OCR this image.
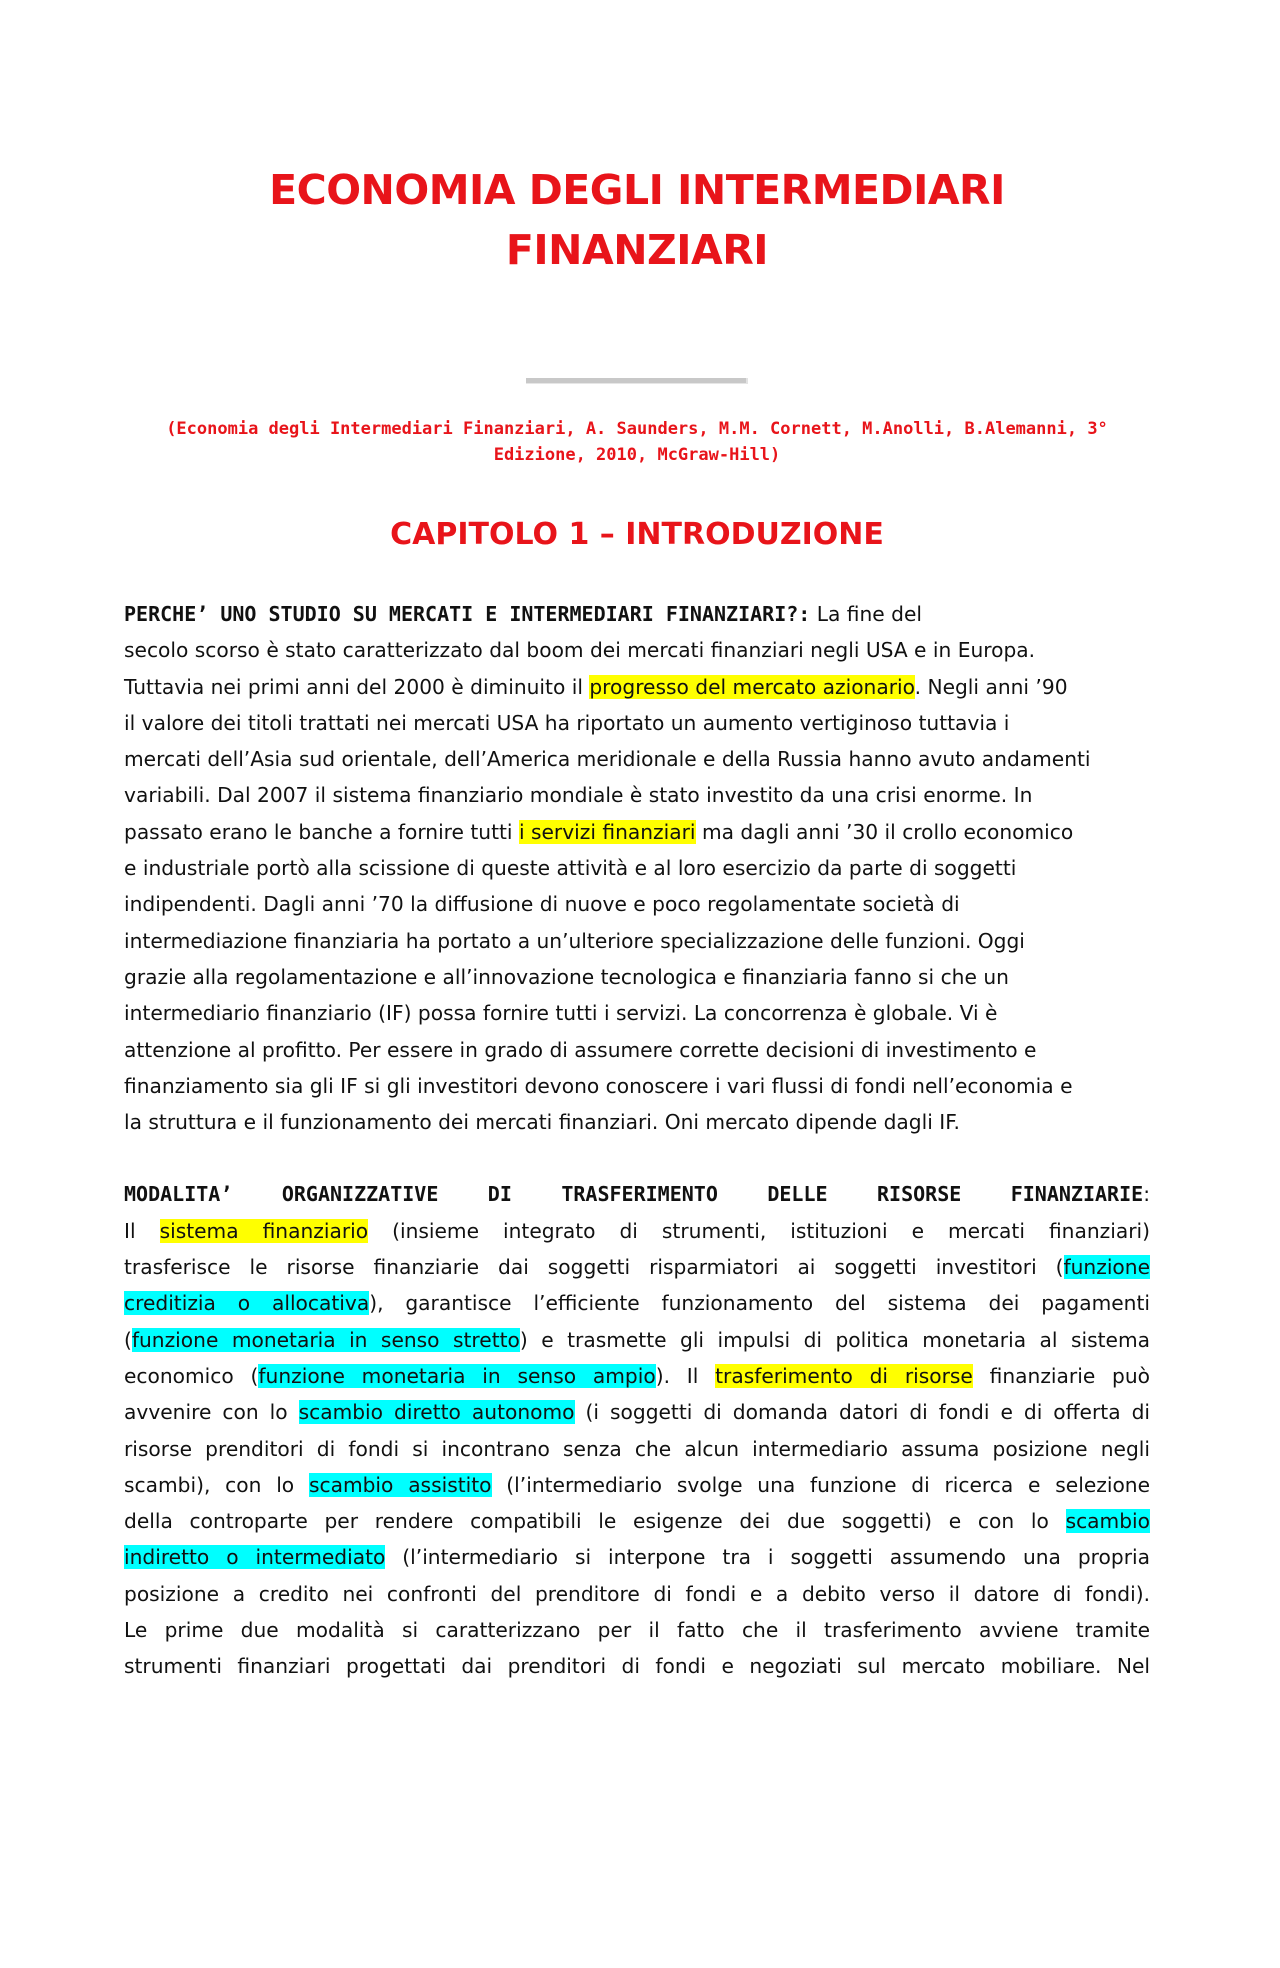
ECONOMIA DEGLI INTERMEDIARI
FINANZIARI
(Economia degli Intermediari Finanziari, A. Saunders, M.M. Cornett, M.Anolli, B.Alemanni, 3°
Edizione, 2010, McGraw-Hill)
CAPITOLO 1 – INTRODUZIONE
PERCHE’ UNO STUDIO SU MERCATI E INTERMEDIARI FINANZIARI?: La fine del
secolo scorso è stato caratterizzato dal boom dei mercati finanziari negli USA e in Europa.
Tuttavia nei primi anni del 2000 è diminuito il progresso del mercato azionario. Negli anni ’90
il valore dei titoli trattati nei mercati USA ha riportato un aumento vertiginoso tuttavia i
mercati dell’Asia sud orientale, dell’America meridionale e della Russia hanno avuto andamenti
variabili. Dal 2007 il sistema finanziario mondiale è stato investito da una crisi enorme. In
passato erano le banche a fornire tutti i servizi finanziari ma dagli anni ’30 il crollo economico
e industriale portò alla scissione di queste attività e al loro esercizio da parte di soggetti
indipendenti. Dagli anni ’70 la diffusione di nuove e poco regolamentate società di
intermediazione finanziaria ha portato a un’ulteriore specializzazione delle funzioni. Oggi
grazie alla regolamentazione e all’innovazione tecnologica e finanziaria fanno si che un
intermediario finanziario (IF) possa fornire tutti i servizi. La concorrenza è globale. Vi è
attenzione al profitto. Per essere in grado di assumere corrette decisioni di investimento e
finanziamento sia gli IF si gli investitori devono conoscere i vari flussi di fondi nell’economia e
la struttura e il funzionamento dei mercati finanziari. Oni mercato dipende dagli IF.
MODALITA’ ORGANIZZATIVE DI TRASFERIMENTO DELLE RISORSE FINANZIARIE:
Il sistema finanziario (insieme integrato di strumenti, istituzioni e mercati finanziari)
trasferisce le risorse finanziarie dai soggetti risparmiatori ai soggetti investitori (funzione
creditizia o allocativa), garantisce l’efficiente funzionamento del sistema dei pagamenti
(funzione monetaria in senso stretto) e trasmette gli impulsi di politica monetaria al sistema
economico (funzione monetaria in senso ampio). Il trasferimento di risorse finanziarie può
avvenire con lo scambio diretto autonomo (i soggetti di domanda datori di fondi e di offerta di
risorse prenditori di fondi si incontrano senza che alcun intermediario assuma posizione negli
scambi), con lo scambio assistito (l’intermediario svolge una funzione di ricerca e selezione
della controparte per rendere compatibili le esigenze dei due soggetti) e con lo scambio
indiretto o intermediato (l’intermediario si interpone tra i soggetti assumendo una propria
posizione a credito nei confronti del prenditore di fondi e a debito verso il datore di fondi).
Le prime due modalità si caratterizzano per il fatto che il trasferimento avviene tramite
strumenti finanziari progettati dai prenditori di fondi e negoziati sul mercato mobiliare. Nel
